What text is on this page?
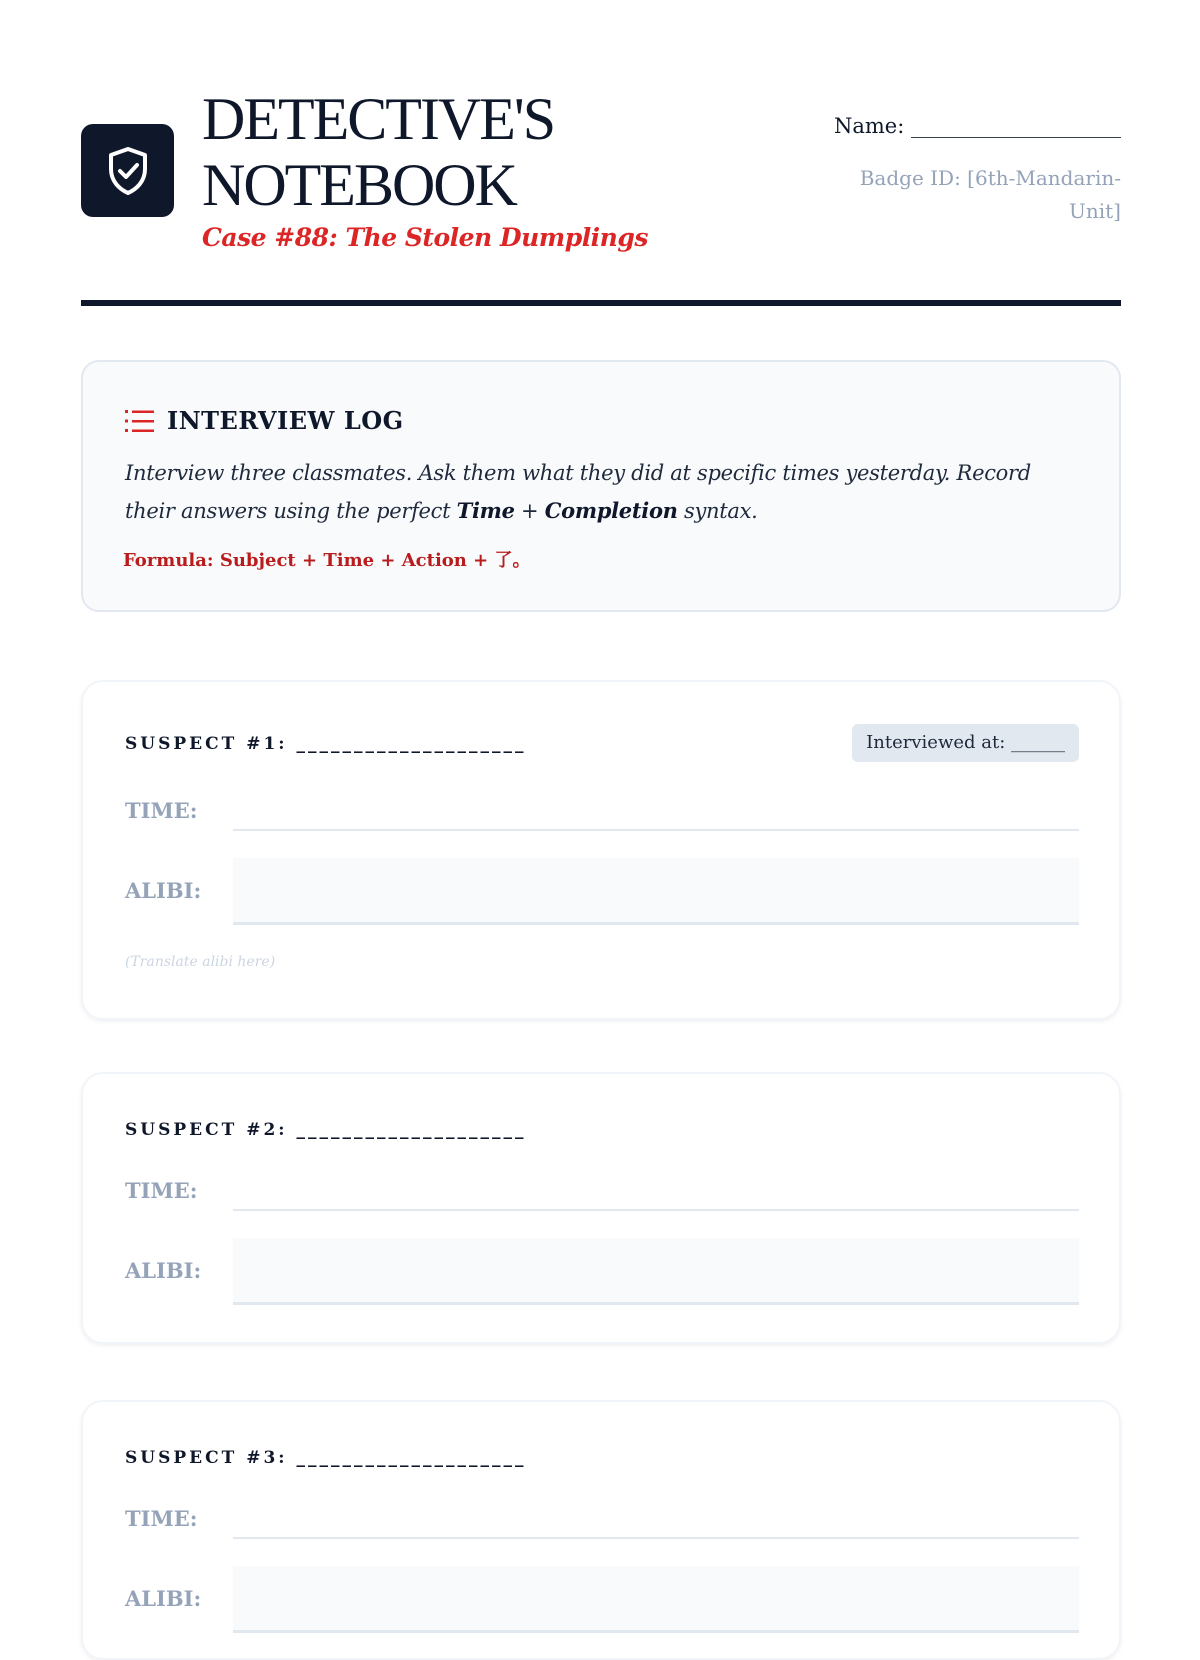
DETECTIVE'S NOTEBOOK
Case #88: The Stolen Dumplings
Name: ____________________
Badge ID: [6th-Mandarin-Unit]
INTERVIEW LOG
Interview three classmates. Ask them what they did at specific times yesterday. Record their answers using the perfect Time + Completion syntax.
Formula: Subject + Time + Action + 了。
SUSPECT #1: ____________________	Interviewed at: ______
TIME:
ALIBI:
(Translate alibi here)
SUSPECT #2: ____________________
TIME:
ALIBI:
SUSPECT #3: ____________________
TIME:
ALIBI:
